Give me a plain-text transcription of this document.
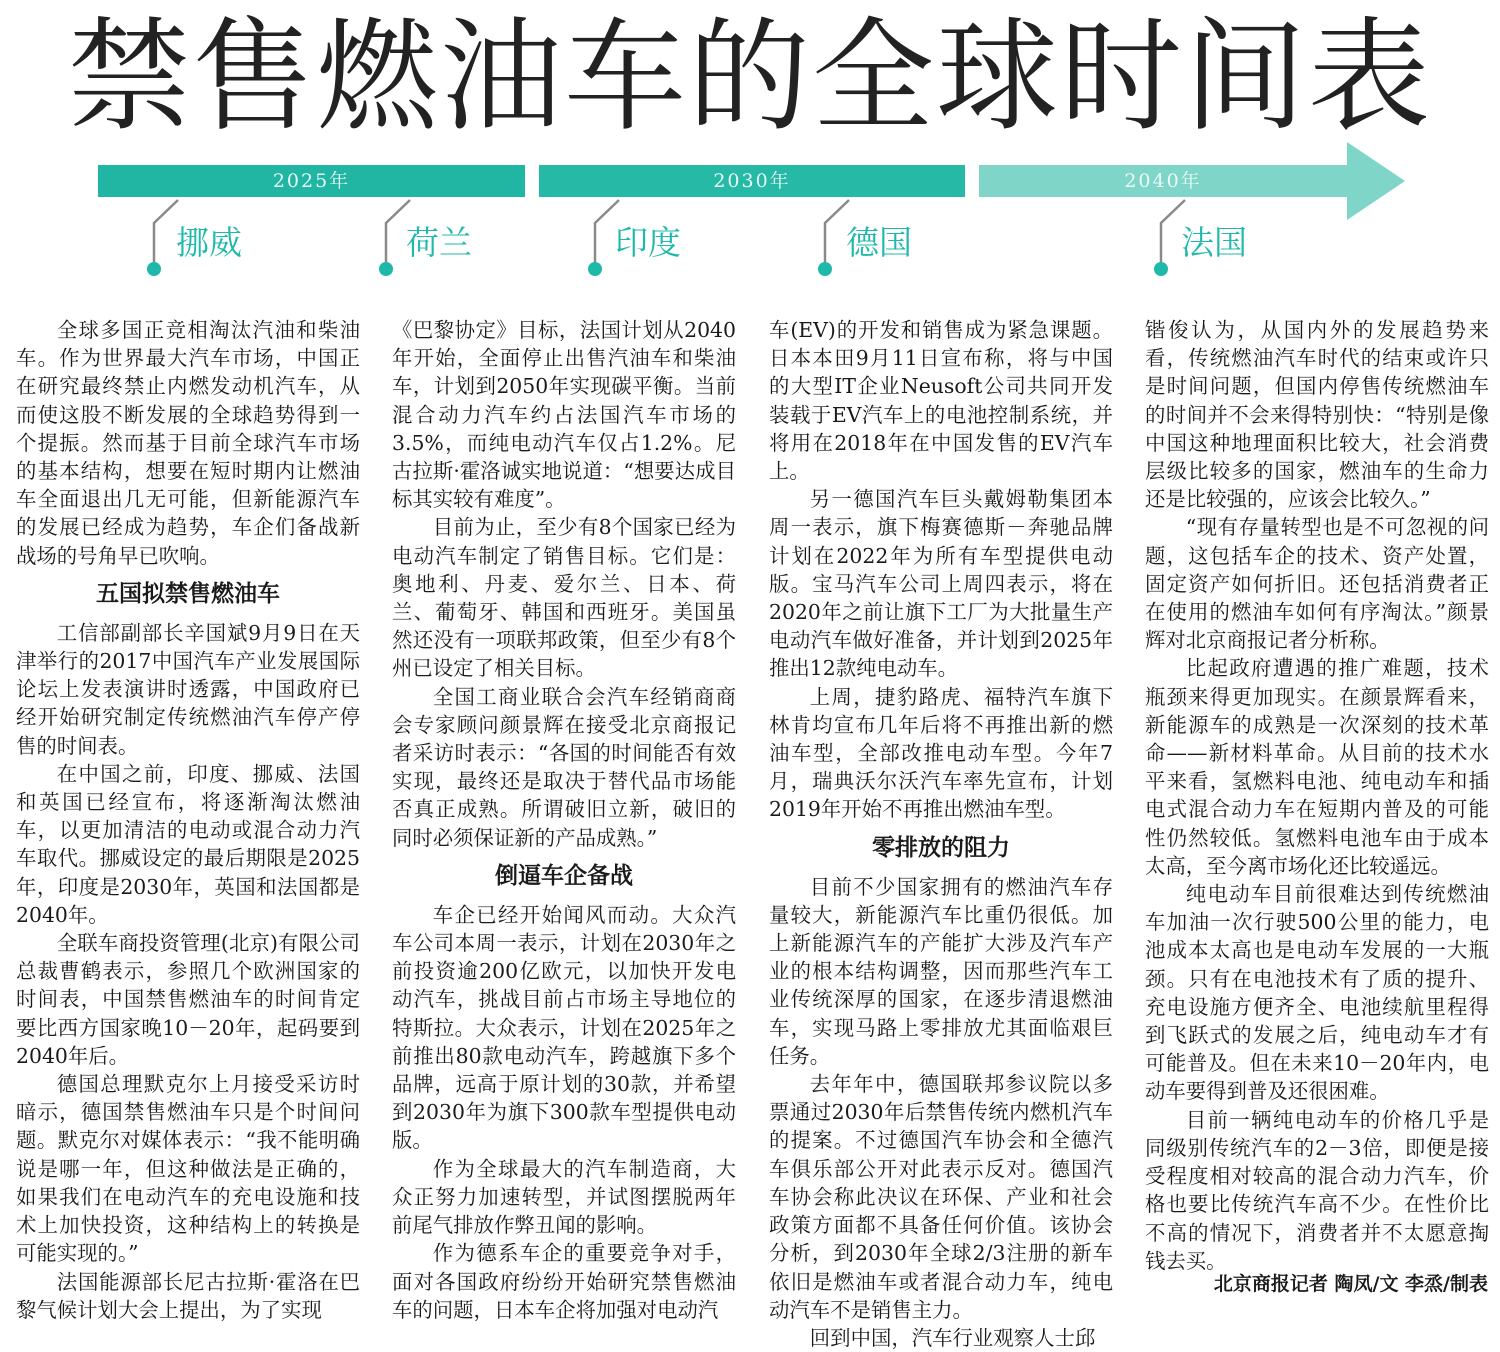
禁售燃油车的全球时间表
2025年	2030年	2040年
挪威	荷兰	印度	德国	法国

全球多国正竞相淘汰汽油和柴油车。作为世界最大汽车市场，中国正在研究最终禁止内燃发动机汽车，从而使这股不断发展的全球趋势得到一个提振。然而基于目前全球汽车市场的基本结构，想要在短时期内让燃油车全面退出几无可能，但新能源汽车的发展已经成为趋势，车企们备战新战场的号角早已吹响。

五国拟禁售燃油车

工信部副部长辛国斌9月9日在天津举行的2017中国汽车产业发展国际论坛上发表演讲时透露，中国政府已经开始研究制定传统燃油汽车停产停售的时间表。

在中国之前，印度、挪威、法国和英国已经宣布，将逐渐淘汰燃油车，以更加清洁的电动或混合动力汽车取代。挪威设定的最后期限是2025年，印度是2030年，英国和法国都是2040年。

全联车商投资管理(北京)有限公司总裁曹鹤表示，参照几个欧洲国家的时间表，中国禁售燃油车的时间肯定要比西方国家晚10－20年，起码要到2040年后。

德国总理默克尔上月接受采访时暗示，德国禁售燃油车只是个时间问题。默克尔对媒体表示：“我不能明确说是哪一年，但这种做法是正确的，如果我们在电动汽车的充电设施和技术上加快投资，这种结构上的转换是可能实现的。”

法国能源部长尼古拉斯·霍洛在巴黎气候计划大会上提出，为了实现

《巴黎协定》目标，法国计划从2040年开始，全面停止出售汽油车和柴油车，计划到2050年实现碳平衡。当前混合动力汽车约占法国汽车市场的3.5%，而纯电动汽车仅占1.2%。尼古拉斯·霍洛诚实地说道：“想要达成目标其实较有难度”。

目前为止，至少有8个国家已经为电动汽车制定了销售目标。它们是：奥地利、丹麦、爱尔兰、日本、荷兰、葡萄牙、韩国和西班牙。美国虽然还没有一项联邦政策，但至少有8个州已设定了相关目标。

全国工商业联合会汽车经销商商会专家顾问颜景辉在接受北京商报记者采访时表示：“各国的时间能否有效实现，最终还是取决于替代品市场能否真正成熟。所谓破旧立新，破旧的同时必须保证新的产品成熟。”

倒逼车企备战

车企已经开始闻风而动。大众汽车公司本周一表示，计划在2030年之前投资逾200亿欧元，以加快开发电动汽车，挑战目前占市场主导地位的特斯拉。大众表示，计划在2025年之前推出80款电动汽车，跨越旗下多个品牌，远高于原计划的30款，并希望到2030年为旗下300款车型提供电动版。

作为全球最大的汽车制造商，大众正努力加速转型，并试图摆脱两年前尾气排放作弊丑闻的影响。

作为德系车企的重要竞争对手，面对各国政府纷纷开始研究禁售燃油车的问题，日本车企将加强对电动汽

车(EV)的开发和销售成为紧急课题。日本本田9月11日宣布称，将与中国的大型IT企业Neusoft公司共同开发装载于EV汽车上的电池控制系统，并将用在2018年在中国发售的EV汽车上。

另一德国汽车巨头戴姆勒集团本周一表示，旗下梅赛德斯－奔驰品牌计划在2022年为所有车型提供电动版。宝马汽车公司上周四表示，将在2020年之前让旗下工厂为大批量生产电动汽车做好准备，并计划到2025年推出12款纯电动车。

上周，捷豹路虎、福特汽车旗下林肯均宣布几年后将不再推出新的燃油车型，全部改推电动车型。今年7月，瑞典沃尔沃汽车率先宣布，计划2019年开始不再推出燃油车型。

零排放的阻力

目前不少国家拥有的燃油汽车存量较大，新能源汽车比重仍很低。加上新能源汽车的产能扩大涉及汽车产业的根本结构调整，因而那些汽车工业传统深厚的国家，在逐步清退燃油车，实现马路上零排放尤其面临艰巨任务。

去年年中，德国联邦参议院以多票通过2030年后禁售传统内燃机汽车的提案。不过德国汽车协会和全德汽车俱乐部公开对此表示反对。德国汽车协会称此决议在环保、产业和社会政策方面都不具备任何价值。该协会分析，到2030年全球2/3注册的新车依旧是燃油车或者混合动力车，纯电动汽车不是销售主力。

回到中国，汽车行业观察人士邱

锴俊认为，从国内外的发展趋势来看，传统燃油汽车时代的结束或许只是时间问题，但国内停售传统燃油车的时间并不会来得特别快：“特别是像中国这种地理面积比较大，社会消费层级比较多的国家，燃油车的生命力还是比较强的，应该会比较久。”

“现有存量转型也是不可忽视的问题，这包括车企的技术、资产处置，固定资产如何折旧。还包括消费者正在使用的燃油车如何有序淘汰。”颜景辉对北京商报记者分析称。

比起政府遭遇的推广难题，技术瓶颈来得更加现实。在颜景辉看来，新能源车的成熟是一次深刻的技术革命——新材料革命。从目前的技术水平来看，氢燃料电池、纯电动车和插电式混合动力车在短期内普及的可能性仍然较低。氢燃料电池车由于成本太高，至今离市场化还比较遥远。

纯电动车目前很难达到传统燃油车加油一次行驶500公里的能力，电池成本太高也是电动车发展的一大瓶颈。只有在电池技术有了质的提升、充电设施方便齐全、电池续航里程得到飞跃式的发展之后，纯电动车才有可能普及。但在未来10－20年内，电动车要得到普及还很困难。

目前一辆纯电动车的价格几乎是同级别传统汽车的2－3倍，即便是接受程度相对较高的混合动力汽车，价格也要比传统汽车高不少。在性价比不高的情况下，消费者并不太愿意掏钱去买。

北京商报记者 陶凤/文 李烝/制表
